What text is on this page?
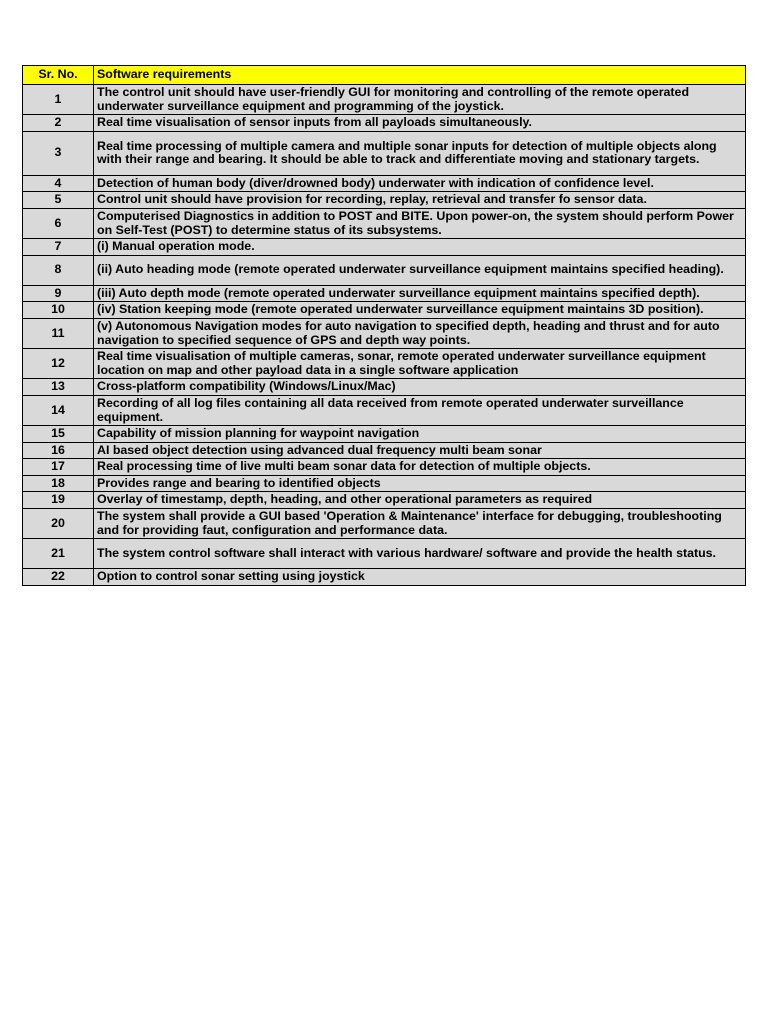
Sr. No.	Software requirements
1	The control unit should have user-friendly GUI for monitoring and controlling of the remote operated underwater surveillance equipment and programming of the joystick.
2	Real time visualisation of sensor inputs from all payloads simultaneously.
3	Real time processing of multiple camera and multiple sonar inputs for detection of multiple objects along with their range and bearing. It should be able to track and differentiate moving and stationary targets.
4	Detection of human body (diver/drowned body) underwater with indication of confidence level.
5	Control unit should have provision for recording, replay, retrieval and transfer fo sensor data.
6	Computerised Diagnostics in addition to POST and BITE. Upon power-on, the system should perform Power on Self-Test (POST) to determine status of its subsystems.
7	(i) Manual operation mode.
8	(ii) Auto heading mode (remote operated underwater surveillance equipment maintains specified heading).
9	(iii) Auto depth mode (remote operated underwater surveillance equipment maintains specified depth).
10	(iv) Station keeping mode (remote operated underwater surveillance equipment maintains 3D position).
11	(v) Autonomous Navigation modes for auto navigation to specified depth, heading and thrust and for auto navigation to specified sequence of GPS and depth way points.
12	Real time visualisation of multiple cameras, sonar, remote operated underwater surveillance equipment location on map and other payload data in a single software application
13	Cross-platform compatibility (Windows/Linux/Mac)
14	Recording of all log files containing all data received from remote operated underwater surveillance equipment.
15	Capability of mission planning for waypoint navigation
16	AI based object detection using advanced dual frequency multi beam sonar
17	Real processing time of live multi beam sonar data for detection of multiple objects.
18	Provides range and bearing to identified objects
19	Overlay of timestamp, depth, heading, and other operational parameters as required
20	The system shall provide a GUI based 'Operation & Maintenance' interface for debugging, troubleshooting and for providing faut, configuration and performance data.
21	The system control software shall interact with various hardware/ software and provide the health status.
22	Option to control sonar setting using joystick
